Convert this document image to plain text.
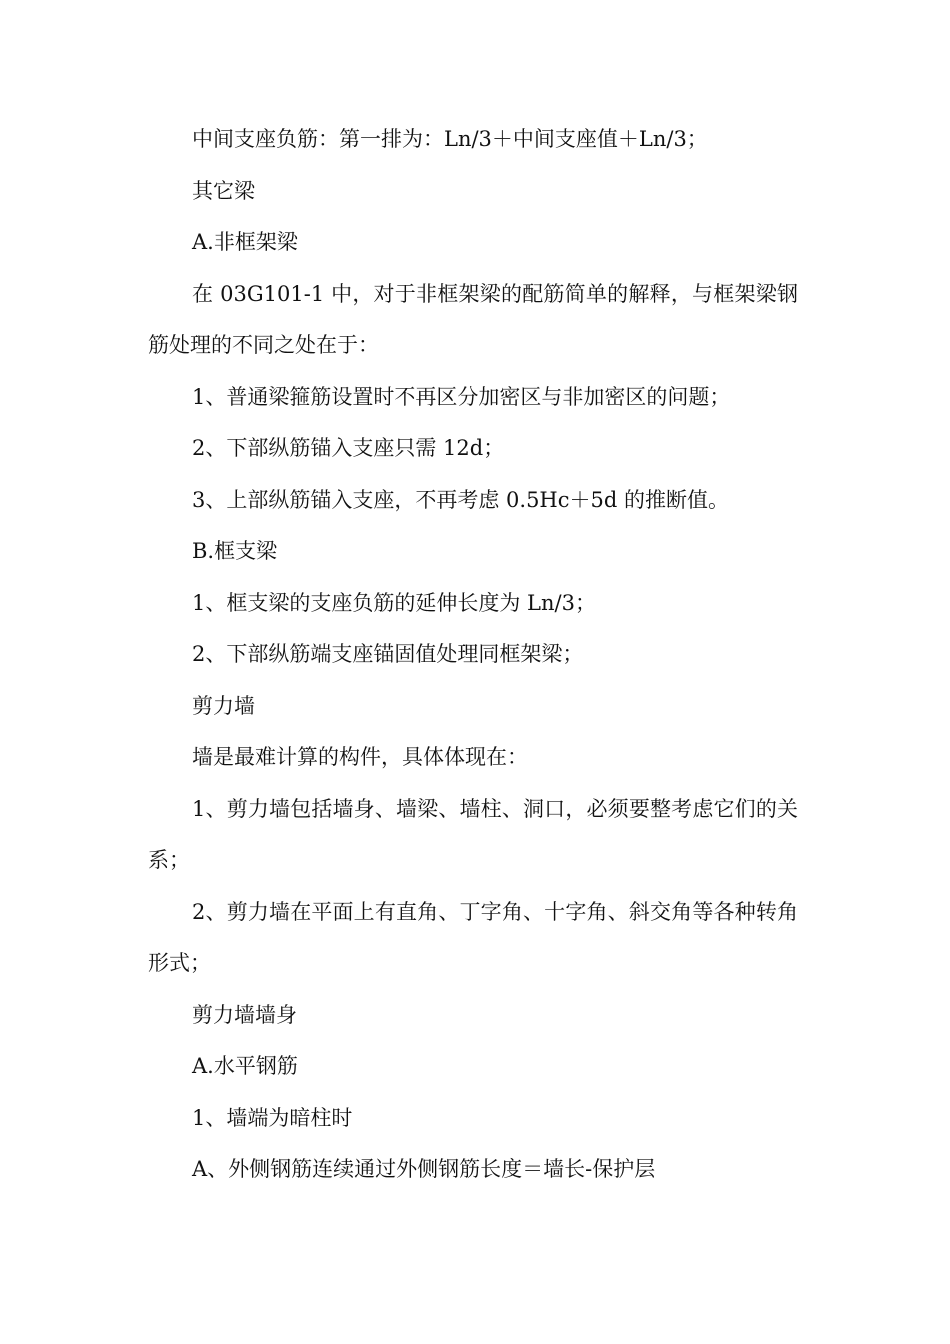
中间支座负筋：第一排为：Ln/3＋中间支座值＋Ln/3；

其它梁

A.非框架梁

在 03G101-1 中，对于非框架梁的配筋简单的解释，与框架梁钢筋处理的不同之处在于：

1、普通梁箍筋设置时不再区分加密区与非加密区的问题；

2、下部纵筋锚入支座只需 12d；

3、上部纵筋锚入支座，不再考虑 0.5Hc＋5d 的推断值。

B.框支梁

1、框支梁的支座负筋的延伸长度为 Ln/3；

2、下部纵筋端支座锚固值处理同框架梁；

剪力墙

墙是最难计算的构件，具体体现在：

1、剪力墙包括墙身、墙梁、墙柱、洞口，必须要整考虑它们的关系；

2、剪力墙在平面上有直角、丁字角、十字角、斜交角等各种转角形式；

剪力墙墙身

A.水平钢筋

1、墙端为暗柱时

A、外侧钢筋连续通过外侧钢筋长度＝墙长-保护层
